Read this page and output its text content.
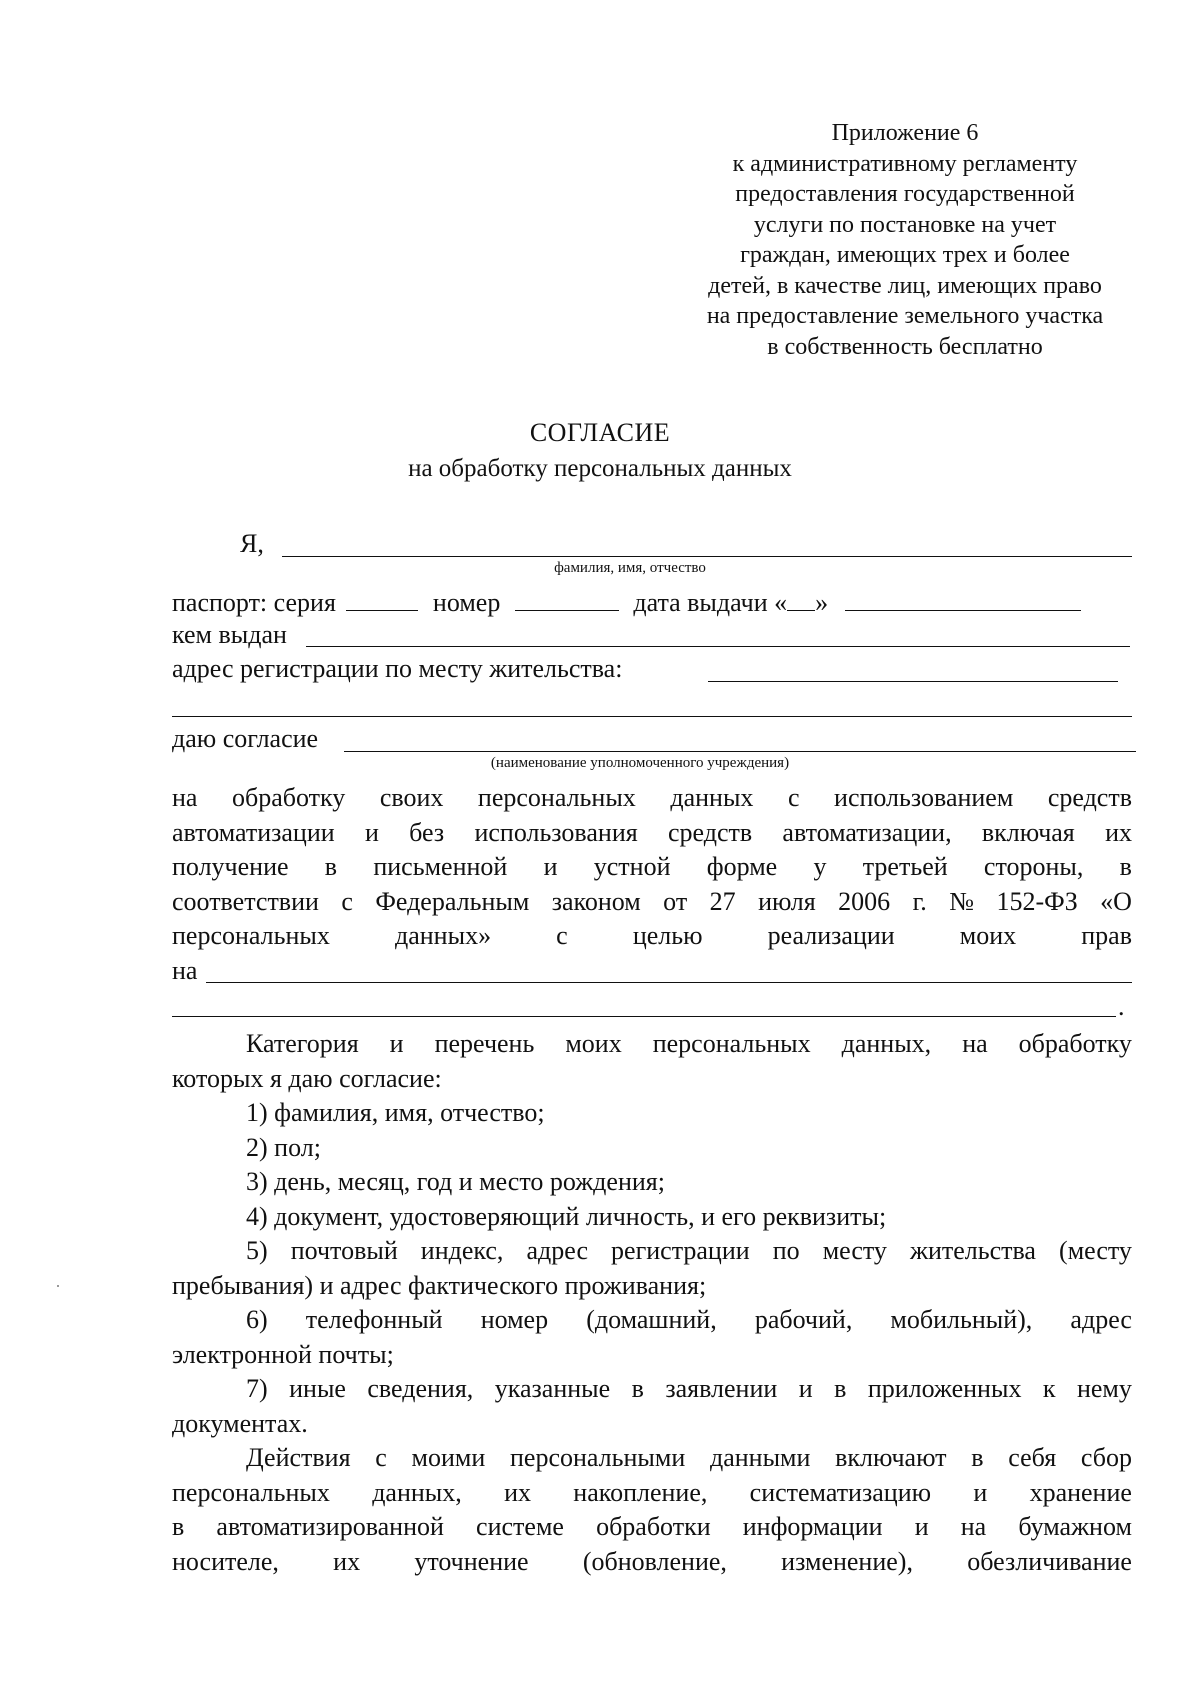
Приложение 6
к административному регламенту
предоставления государственной
услуги по постановке на учет
граждан, имеющих трех и более
детей, в качестве лиц, имеющих право
на предоставление земельного участка
в собственность бесплатно
СОГЛАСИЕ
на обработку персональных данных
Я,
фамилия, имя, отчество
паспорт: серия	номер	дата выдачи « »
кем выдан
адрес регистрации по месту жительства:
даю согласие
(наименование уполномоченного учреждения)
на обработку своих персональных данных с использованием средств
автоматизации и без использования средств автоматизации, включая их
получение в письменной и устной форме у третьей стороны, в
соответствии с Федеральным законом от 27 июля 2006 г. № 152-ФЗ «О
персональных	данных»	с	целью	реализации	моих	прав
на
.
Категория и перечень моих персональных данных, на обработку
которых я даю согласие:
1) фамилия, имя, отчество;
2) пол;
3) день, месяц, год и место рождения;
4) документ, удостоверяющий личность, и его реквизиты;
5) почтовый индекс, адрес регистрации по месту жительства (месту
пребывания) и адрес фактического проживания;
6) телефонный номер (домашний, рабочий, мобильный), адрес
электронной почты;
7) иные сведения, указанные в заявлении и в приложенных к нему
документах.
Действия с моими персональными данными включают в себя сбор
персональных данных, их накопление, систематизацию и хранение
в автоматизированной системе обработки информации и на бумажном
носителе, их уточнение (обновление, изменение), обезличивание
